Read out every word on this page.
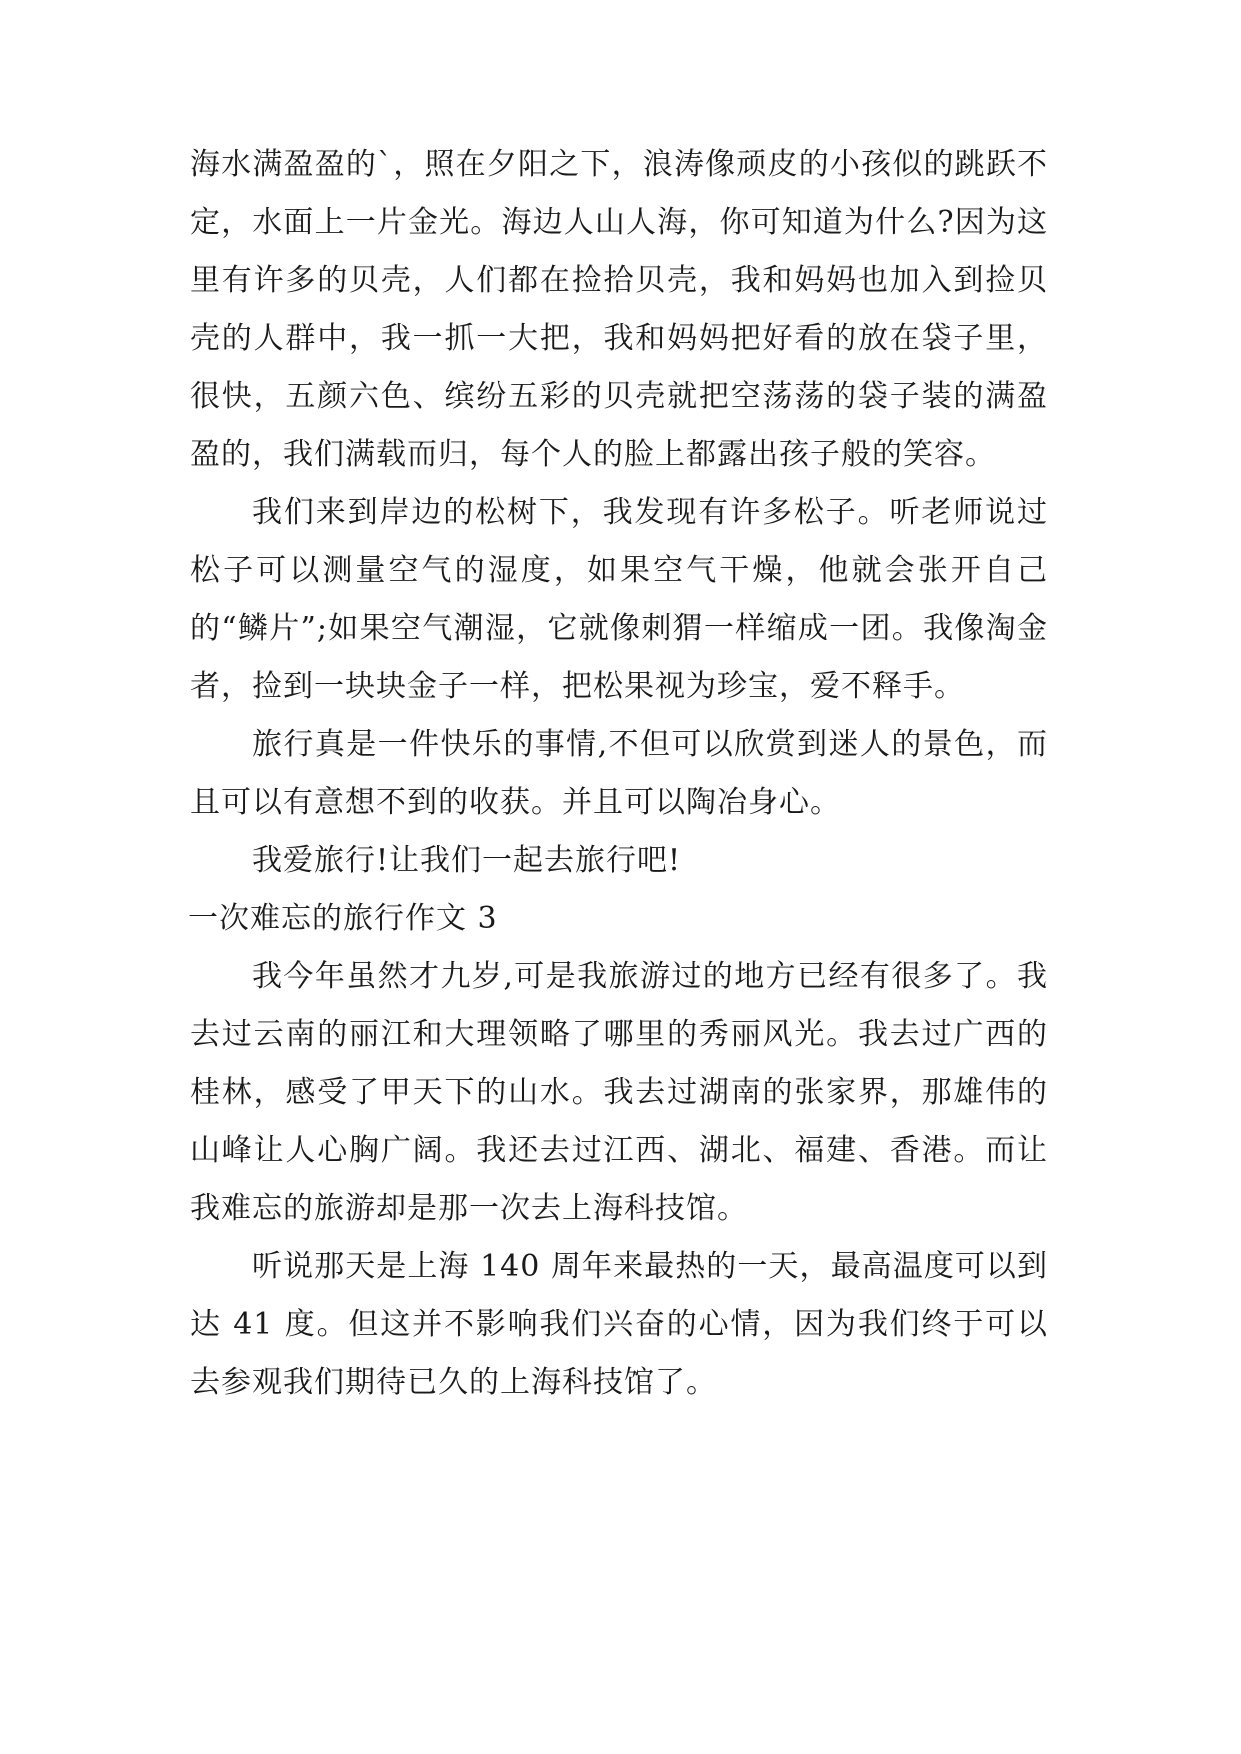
海水满盈盈的`，照在夕阳之下，浪涛像顽皮的小孩似的跳跃不定，水面上一片金光。海边人山人海，你可知道为什么?因为这里有许多的贝壳，人们都在捡拾贝壳，我和妈妈也加入到捡贝壳的人群中，我一抓一大把，我和妈妈把好看的放在袋子里，很快，五颜六色、缤纷五彩的贝壳就把空荡荡的袋子装的满盈盈的，我们满载而归，每个人的脸上都露出孩子般的笑容。

我们来到岸边的松树下，我发现有许多松子。听老师说过松子可以测量空气的湿度，如果空气干燥，他就会张开自己的“鳞片”;如果空气潮湿，它就像刺猬一样缩成一团。我像淘金者，捡到一块块金子一样，把松果视为珍宝，爱不释手。

旅行真是一件快乐的事情,不但可以欣赏到迷人的景色，而且可以有意想不到的收获。并且可以陶冶身心。

我爱旅行!让我们一起去旅行吧!

一次难忘的旅行作文 3

我今年虽然才九岁,可是我旅游过的地方已经有很多了。我去过云南的丽江和大理领略了哪里的秀丽风光。我去过广西的桂林，感受了甲天下的山水。我去过湖南的张家界，那雄伟的山峰让人心胸广阔。我还去过江西、湖北、福建、香港。而让我难忘的旅游却是那一次去上海科技馆。

听说那天是上海 140 周年来最热的一天，最高温度可以到达 41 度。但这并不影响我们兴奋的心情，因为我们终于可以去参观我们期待已久的上海科技馆了。
